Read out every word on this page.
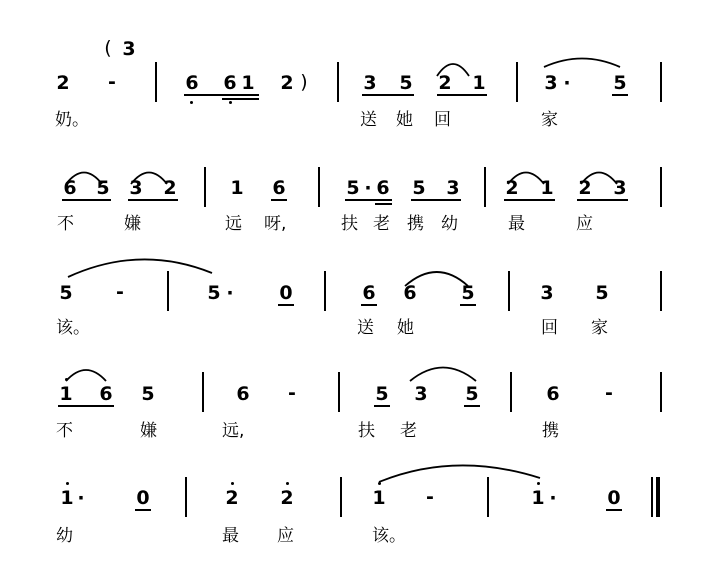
( 3
2 -	6 6 1 2 )	3 5 2 1	3 · 5
奶。	送 她 回	家
6 5 3 2	1 6	5 · 6 5 3 2 1 2 3
不	嫌	远 呀,	扶 老 携 幼	最	应
5 -	5 · 0	6 6 5	3 5
该。	送 她	回 家
1 6 5	6 -	5 3 5	6 -
不	嫌	远,	扶 老	携
1 ·	0	2 2	1 -	1 ·	0
幼	最 应	该。
